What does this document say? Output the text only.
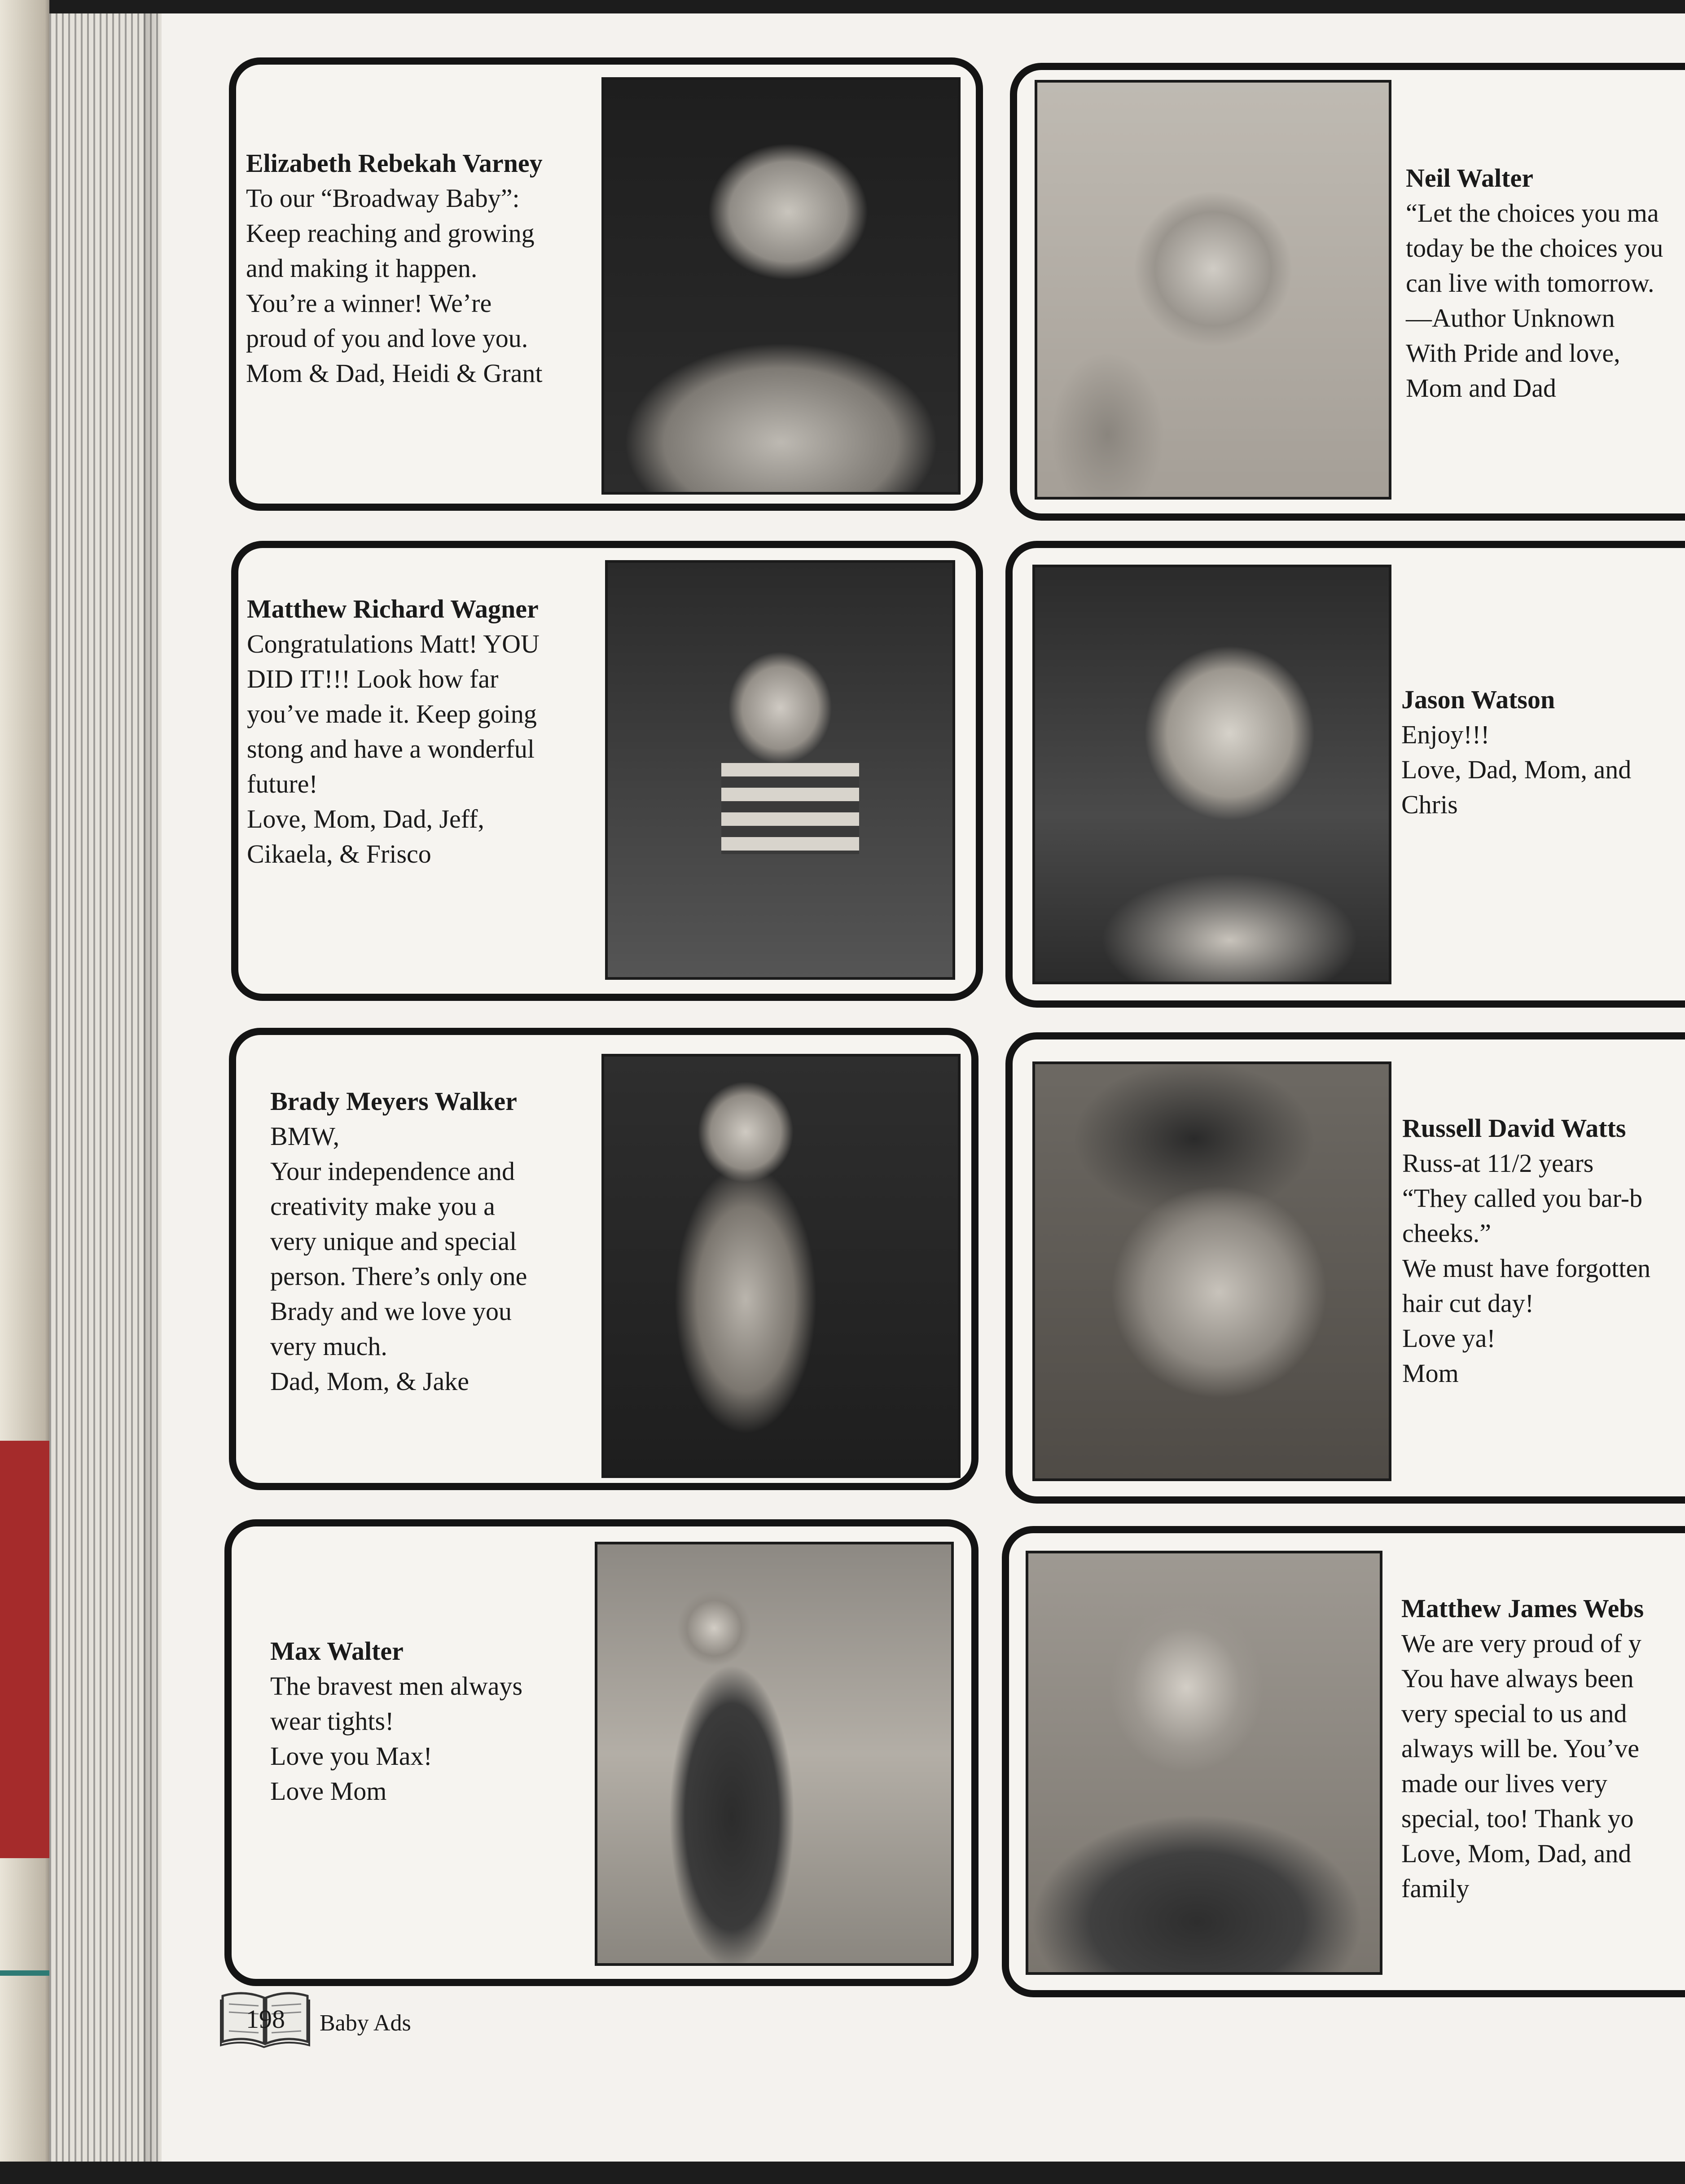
Elizabeth Rebekah Varney
To our “Broadway Baby”:
Keep reaching and growing
and making it happen.
You’re a winner! We’re
proud of you and love you.
Mom & Dad, Heidi & Grant
Neil Walter
“Let the choices you ma
today be the choices you
can live with tomorrow.
—Author Unknown
With Pride and love,
Mom and Dad
Matthew Richard Wagner
Congratulations Matt! YOU
DID IT!!! Look how far
you’ve made it. Keep going
stong and have a wonderful
future!
Love, Mom, Dad, Jeff,
Cikaela, & Frisco
Jason Watson
Enjoy!!!
Love, Dad, Mom, and
Chris
Brady Meyers Walker
BMW,
Your independence and
creativity make you a
very unique and special
person. There’s only one
Brady and we love you
very much.
Dad, Mom, & Jake
Russell David Watts
Russ-at 11/2 years
“They called you bar-b
cheeks.”
We must have forgotten
hair cut day!
Love ya!
Mom
Max Walter
The bravest men always
wear tights!
Love you Max!
Love Mom
Matthew James Webs
We are very proud of y
You have always been
very special to us and
always will be. You’ve
made our lives very
special, too! Thank yo
Love, Mom, Dad, and
family
198 Baby Ads
